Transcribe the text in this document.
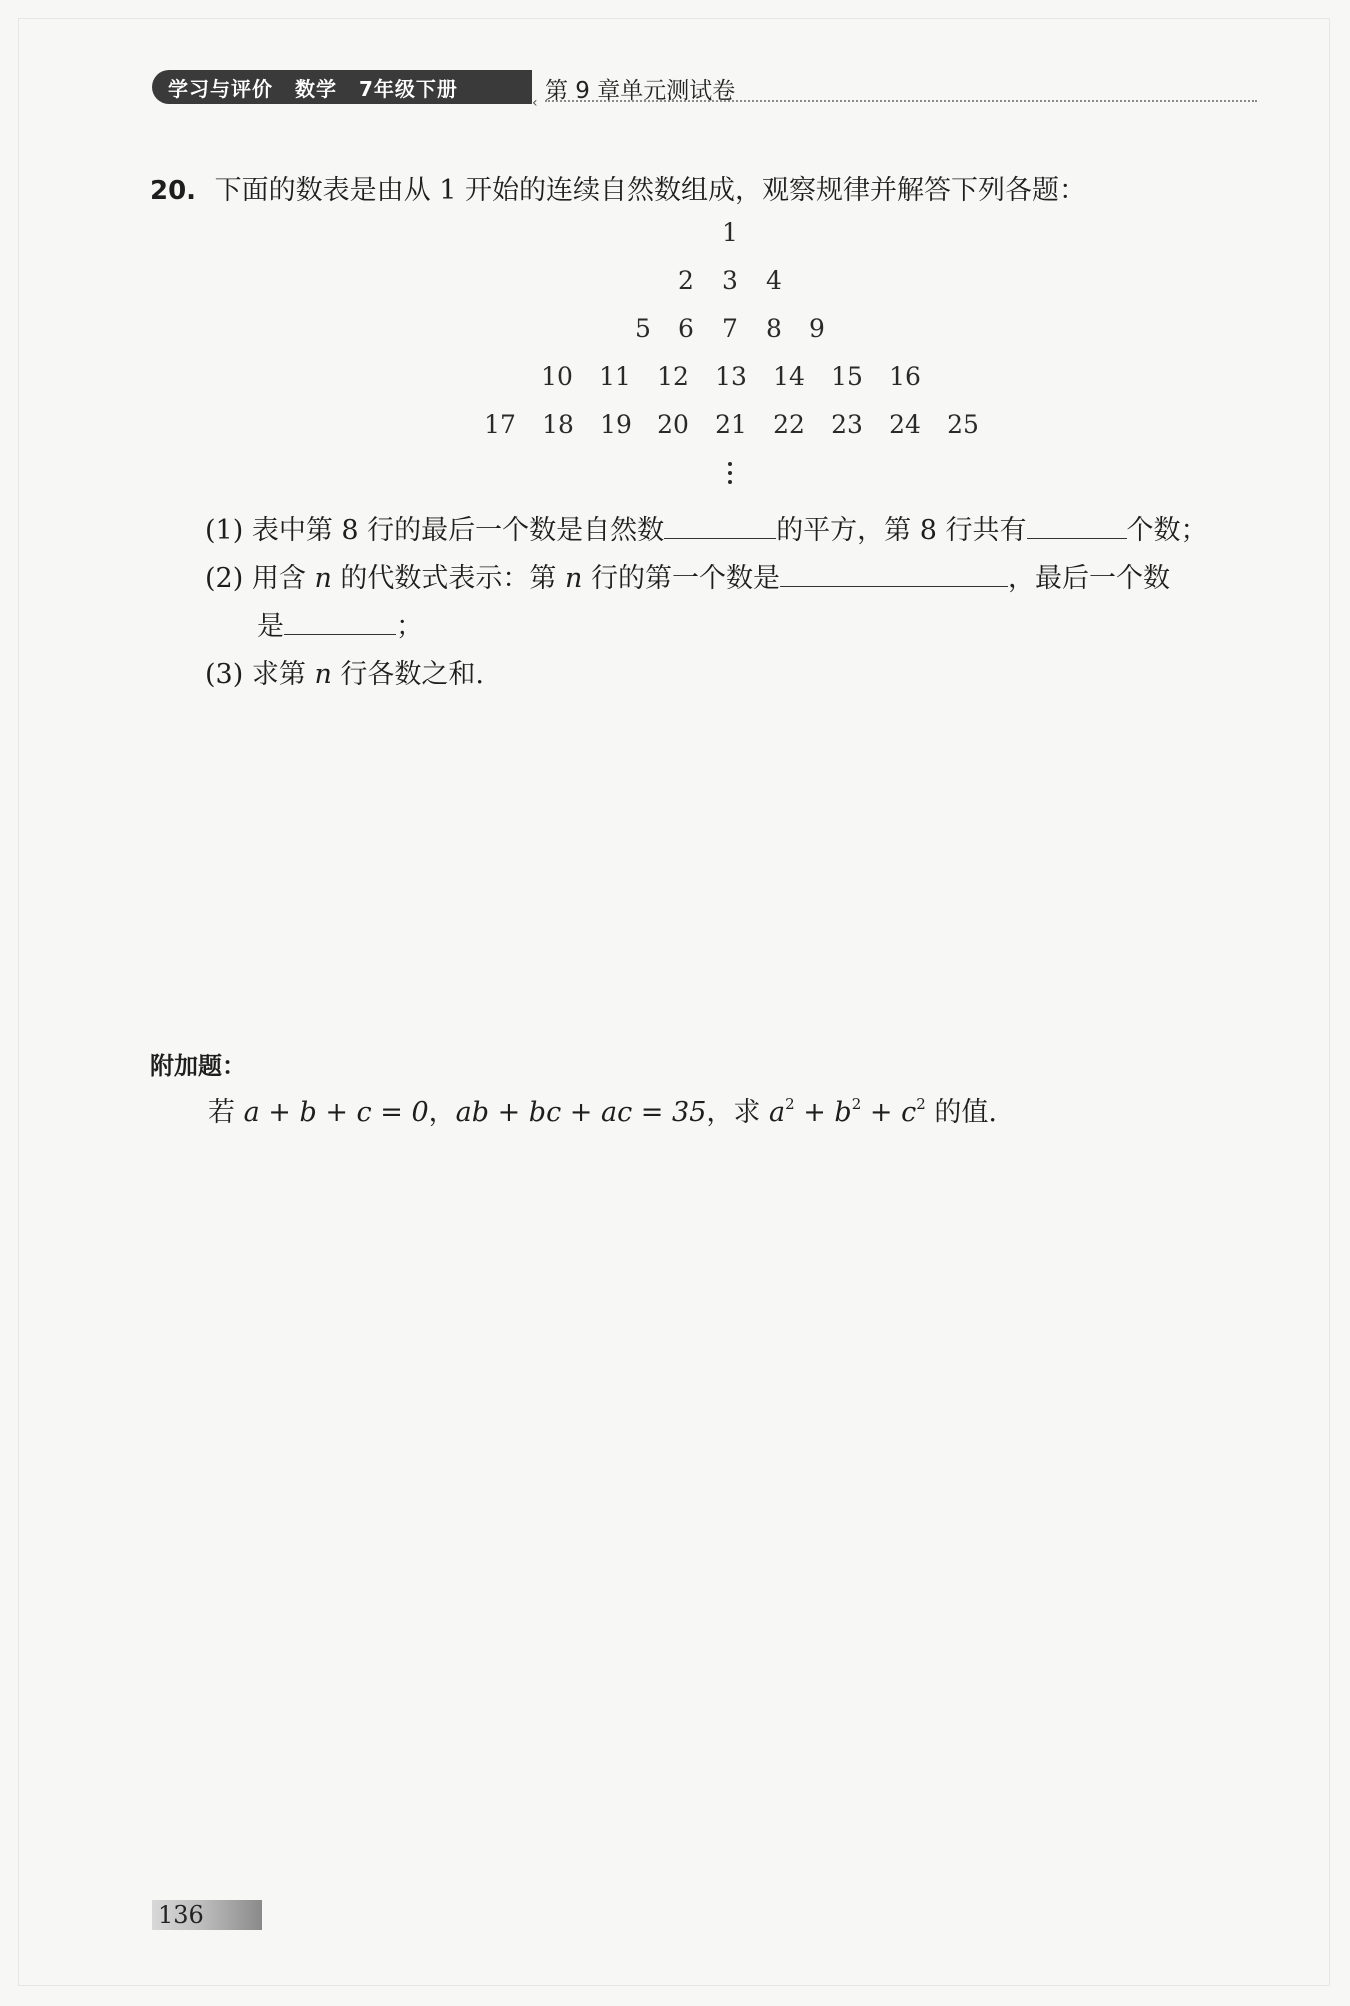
学习与评价 数学 7年级下册
‹ 第 9 章单元测试卷
20. 下面的数表是由从 1 开始的连续自然数组成，观察规律并解答下列各题：
1
2	3	4
5	6	7	8	9
10	11	12	13	14	15	16
17	18	19	20	21	22	23	24	25
(1) 表中第 8 行的最后一个数是自然数	的平方，第 8 行共有	个数；
(2) 用含 n 的代数式表示：第 n 行的第一个数是	，最后一个数
是	；
(3) 求第 n 行各数之和.
附加题：
若 a + b + c = 0，ab + bc + ac = 35，求 $a^2 + b^2 + c^2$ 的值.
136
